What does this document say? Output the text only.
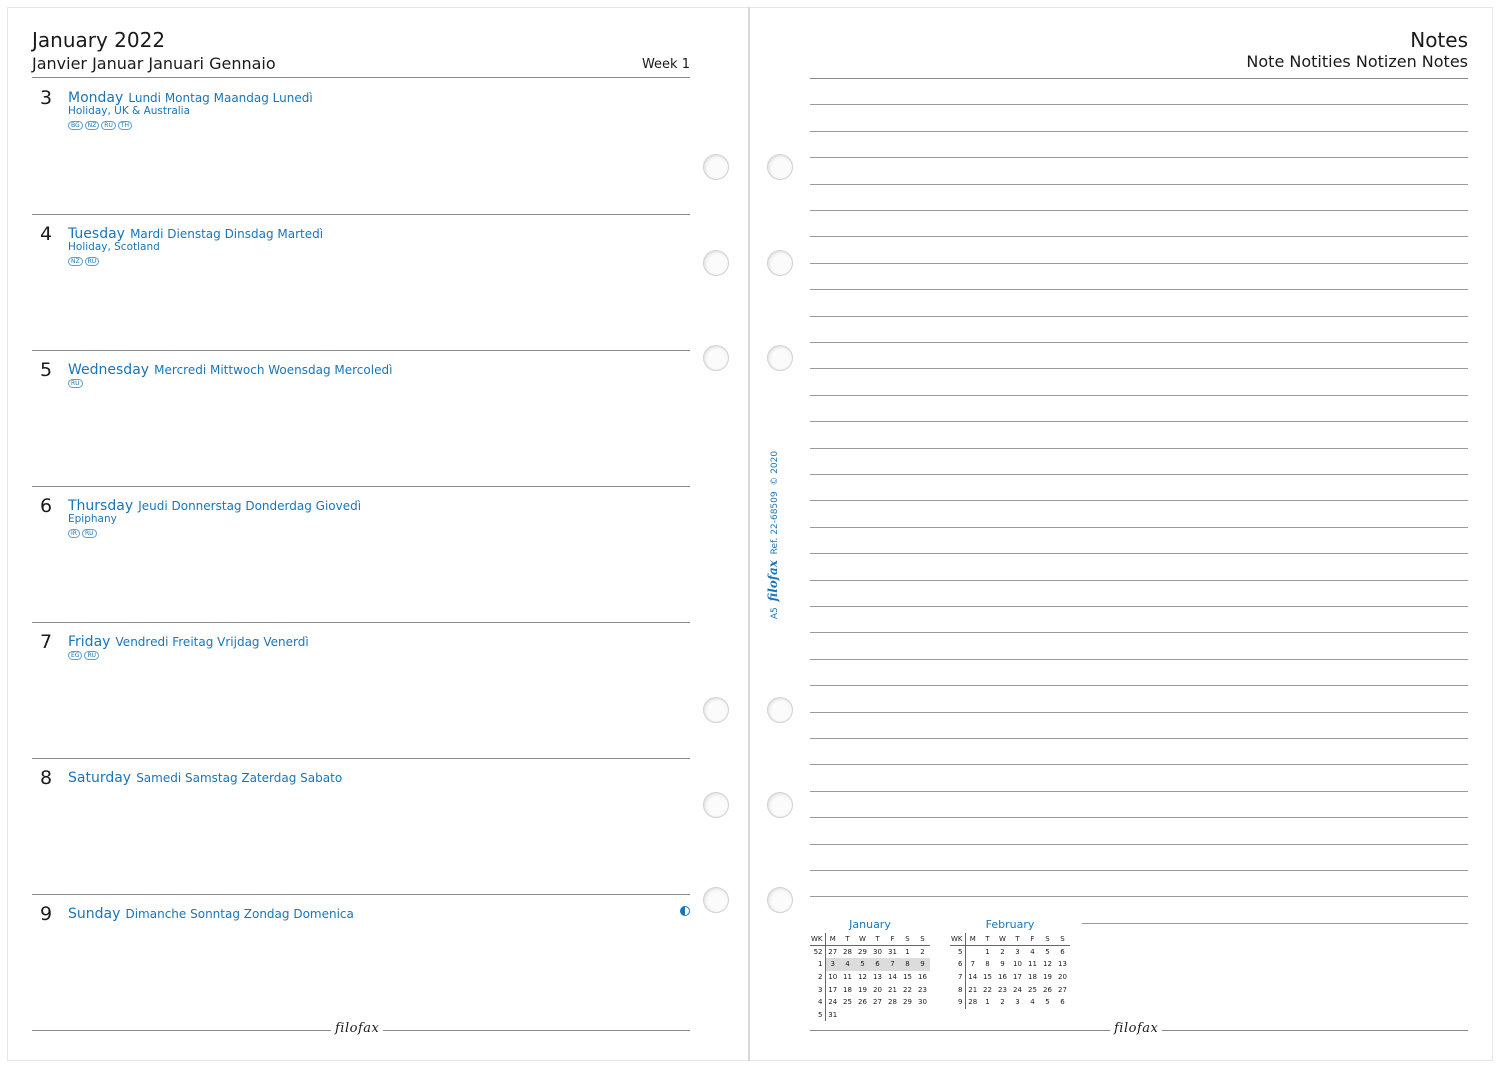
January 2022
Janvier Januar Januari Gennaio	Week 1
3 Monday Lundi Montag Maandag Lunedì
Holiday, UK & Australia
BG	NZ	RU	TH
4 Tuesday Mardi Dienstag Dinsdag Martedì
Holiday, Scotland
NZ	RU
5 Wednesday Mercredi Mittwoch Woensdag Mercoledì
RU
6 Thursday Jeudi Donnerstag Donderdag Giovedì
Epiphany
IR	RU
7 Friday Vendredi Freitag Vrijdag Venerdì
EG	RU
8 Saturday Samedi Samstag Zaterdag Sabato
9 Sunday Dimanche Sonntag Zondag Domenica
filofax
A5  filofax  Ref. 22-68509  © 2020
Notes
Note Notities Notizen Notes
January
WK	M	T	W	T	F	S	S
52	27	28	29	30	31	1	2
1	3	4	5	6	7	8	9
2	10	11	12	13	14	15	16
3	17	18	19	20	21	22	23
4	24	25	26	27	28	29	30
5	31						
February
WK	M	T	W	T	F	S	S
5		1	2	3	4	5	6
6	7	8	9	10	11	12	13
7	14	15	16	17	18	19	20
8	21	22	23	24	25	26	27
9	28	1	2	3	4	5	6
filofax
